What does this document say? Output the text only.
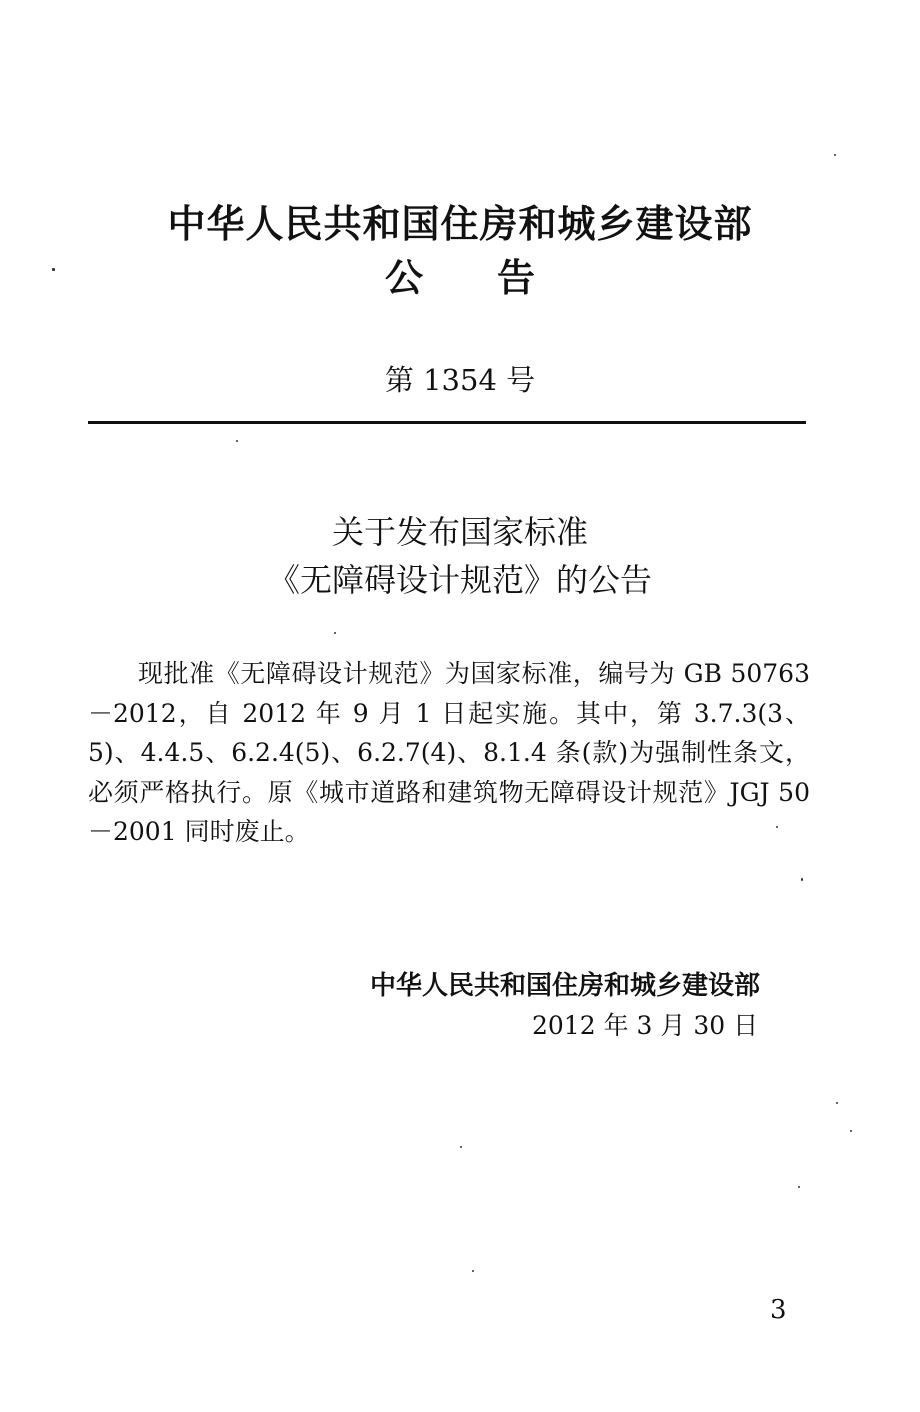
中华人民共和国住房和城乡建设部
公告
第 1354 号
关于发布国家标准
《无障碍设计规范》的公告

现批准《无障碍设计规范》为国家标准，编号为 GB 50763－2012，自 2012 年 9 月 1 日起实施。其中，第 3.7.3(3、5)、4.4.5、6.2.4(5)、6.2.7(4)、8.1.4 条(款)为强制性条文，必须严格执行。原《城市道路和建筑物无障碍设计规范》JGJ 50－2001 同时废止。

中华人民共和国住房和城乡建设部
2012 年 3 月 30 日
3
